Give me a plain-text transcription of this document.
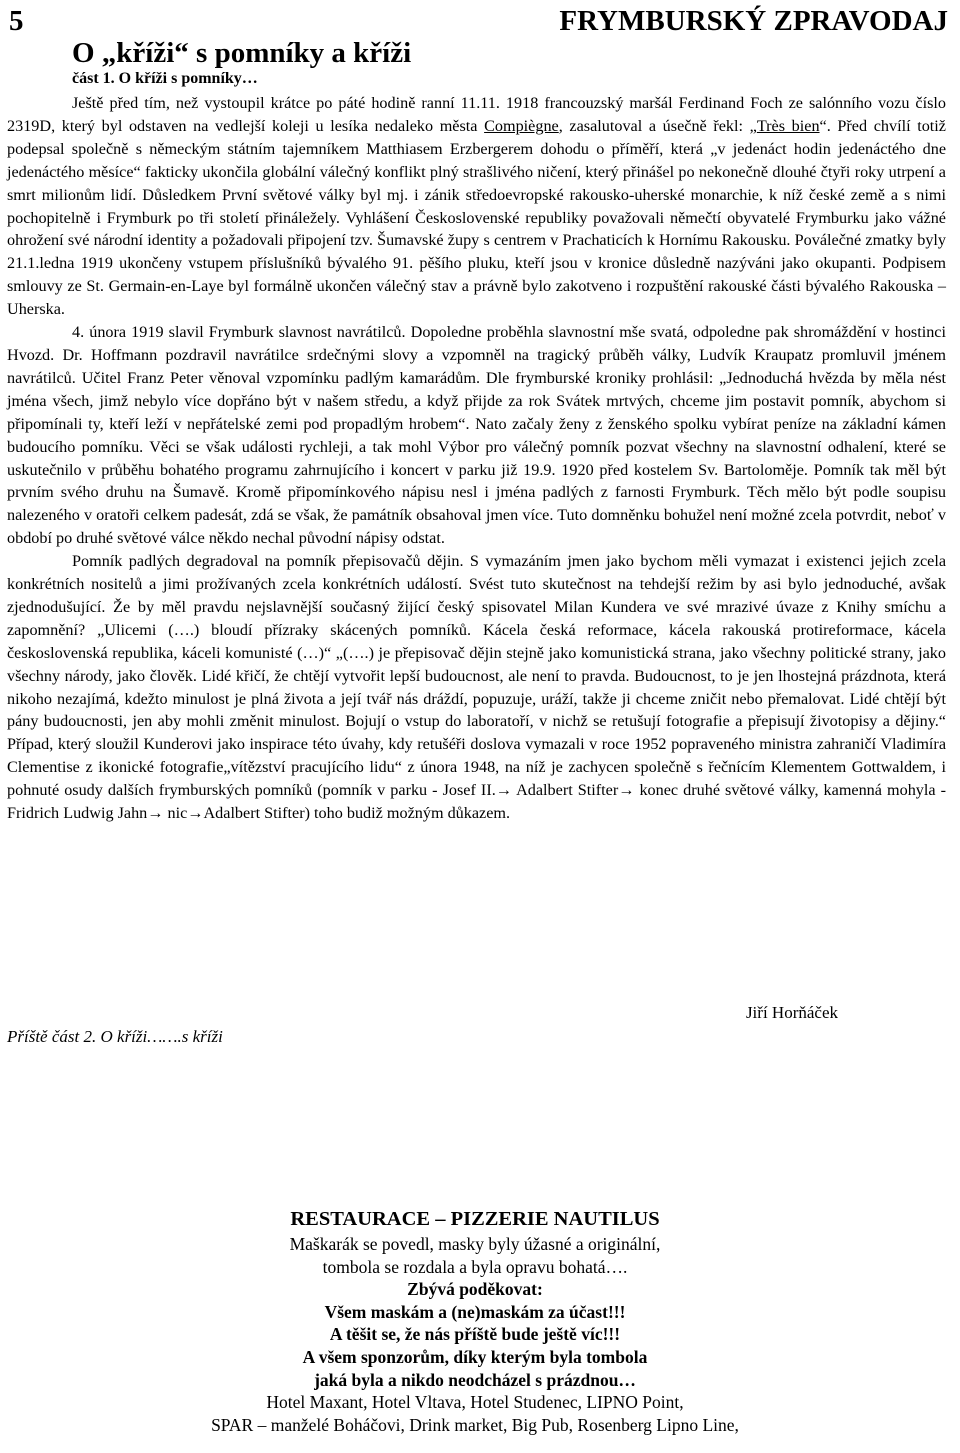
5	FRYMBURSKÝ ZPRAVODAJ
O „kříži“ s pomníky a kříži
část 1. O kříži s pomníky…

Ještě před tím, než vystoupil krátce po páté hodině ranní 11.11. 1918 francouzský maršál Ferdinand Foch ze salónního vozu číslo 2319D, který byl odstaven na vedlejší koleji u lesíka nedaleko města Compiègne, zasalutoval a úsečně řekl: „Très bien“. Před chvílí totiž podepsal společně s německým státním tajemníkem Matthiasem Erzbergerem dohodu o příměří, která „v jedenáct hodin jedenáctého dne jedenáctého měsíce“ fakticky ukončila globální válečný konflikt plný strašlivého ničení, který přinášel po nekonečně dlouhé čtyři roky utrpení a smrt milionům lidí. Důsledkem První světové války byl mj. i zánik středoevropské rakousko-uherské monarchie, k níž české země a s nimi pochopitelně i Frymburk po tři století přináležely. Vyhlášení Československé republiky považovali němečtí obyvatelé Frymburku jako vážné ohrožení své národní identity a požadovali připojení tzv. Šumavské župy s centrem v Prachaticích k Hornímu Rakousku. Poválečné zmatky byly 21.1.ledna 1919 ukončeny vstupem příslušníků bývalého 91. pěšího pluku, kteří jsou v kronice důsledně nazýváni jako okupanti. Podpisem smlouvy ze St. Germain-en-Laye byl formálně ukončen válečný stav a právně bylo zakotveno i rozpuštění rakouské části bývalého Rakouska –Uherska.

4. února 1919 slavil Frymburk slavnost navrátilců. Dopoledne proběhla slavnostní mše svatá, odpoledne pak shromáždění v hostinci Hvozd. Dr. Hoffmann pozdravil navrátilce srdečnými slovy a vzpomněl na tragický průběh války, Ludvík Kraupatz promluvil jménem navrátilců. Učitel Franz Peter věnoval vzpomínku padlým kamarádům. Dle frymburské kroniky prohlásil: „Jednoduchá hvězda by měla nést jména všech, jimž nebylo více dopřáno být v našem středu, a když přijde za rok Svátek mrtvých, chceme jim postavit pomník, abychom si připomínali ty, kteří leží v nepřátelské zemi pod propadlým hrobem“. Nato začaly ženy z ženského spolku vybírat peníze na základní kámen budoucího pomníku. Věci se však události rychleji, a tak mohl Výbor pro válečný pomník pozvat všechny na slavnostní odhalení, které se uskutečnilo v průběhu bohatého programu zahrnujícího i koncert v parku již 19.9. 1920 před kostelem Sv. Bartoloměje. Pomník tak měl být prvním svého druhu na Šumavě. Kromě připomínkového nápisu nesl i jména padlých z farnosti Frymburk. Těch mělo být podle soupisu nalezeného v oratoři celkem padesát, zdá se však, že památník obsahoval jmen více. Tuto domněnku bohužel není možné zcela potvrdit, neboť v období po druhé světové válce někdo nechal původní nápisy odstat.

Pomník padlých degradoval na pomník přepisovačů dějin. S vymazáním jmen jako bychom měli vymazat i existenci jejich zcela konkrétních nositelů a jimi prožívaných zcela konkrétních událostí. Svést tuto skutečnost na tehdejší režim by asi bylo jednoduché, avšak zjednodušující. Že by měl pravdu nejslavnější současný žijící český spisovatel Milan Kundera ve své mrazivé úvaze z Knihy smíchu a zapomnění? „Ulicemi (….) bloudí přízraky skácených pomníků. Kácela česká reformace, kácela rakouská protireformace, kácela československá republika, káceli komunisté (…)“ „(….) je přepisovač dějin stejně jako komunistická strana, jako všechny politické strany, jako všechny národy, jako člověk. Lidé křičí, že chtějí vytvořit lepší budoucnost, ale není to pravda. Budoucnost, to je jen lhostejná prázdnota, která nikoho nezajímá, kdežto minulost je plná života a její tvář nás dráždí, popuzuje, uráží, takže ji chceme zničit nebo přemalovat. Lidé chtějí být pány budoucnosti, jen aby mohli změnit minulost. Bojují o vstup do laboratoří, v nichž se retušují fotografie a přepisují životopisy a dějiny.“ Případ, který sloužil Kunderovi jako inspirace této úvahy, kdy retušéři doslova vymazali v roce 1952 popraveného ministra zahraničí Vladimíra Clementise z ikonické fotografie„vítězství pracujícího lidu“ z února 1948, na níž je zachycen společně s řečnícím Klementem Gottwaldem, i pohnuté osudy dalších frymburských pomníků (pomník v parku - Josef II.→ Adalbert Stifter→ konec druhé světové války, kamenná mohyla - Fridrich Ludwig Jahn→ nic→Adalbert Stifter) toho budiž možným důkazem.

Jiří Horňáček
Příště část 2. O kříži…….s kříži
RESTAURACE – PIZZERIE NAUTILUS
Maškarák se povedl, masky byly úžasné a originální,
tombola se rozdala a byla opravu bohatá….
Zbývá poděkovat:
Všem maskám a (ne)maskám za účast!!!
A těšit se, že nás příště bude ještě víc!!!
A všem sponzorům, díky kterým byla tombola
jaká byla a nikdo neodcházel s prázdnou…
Hotel Maxant, Hotel Vltava, Hotel Studenec, LIPNO Point,
SPAR – manželé Boháčovi, Drink market, Big Pub, Rosenberg Lipno Line,
